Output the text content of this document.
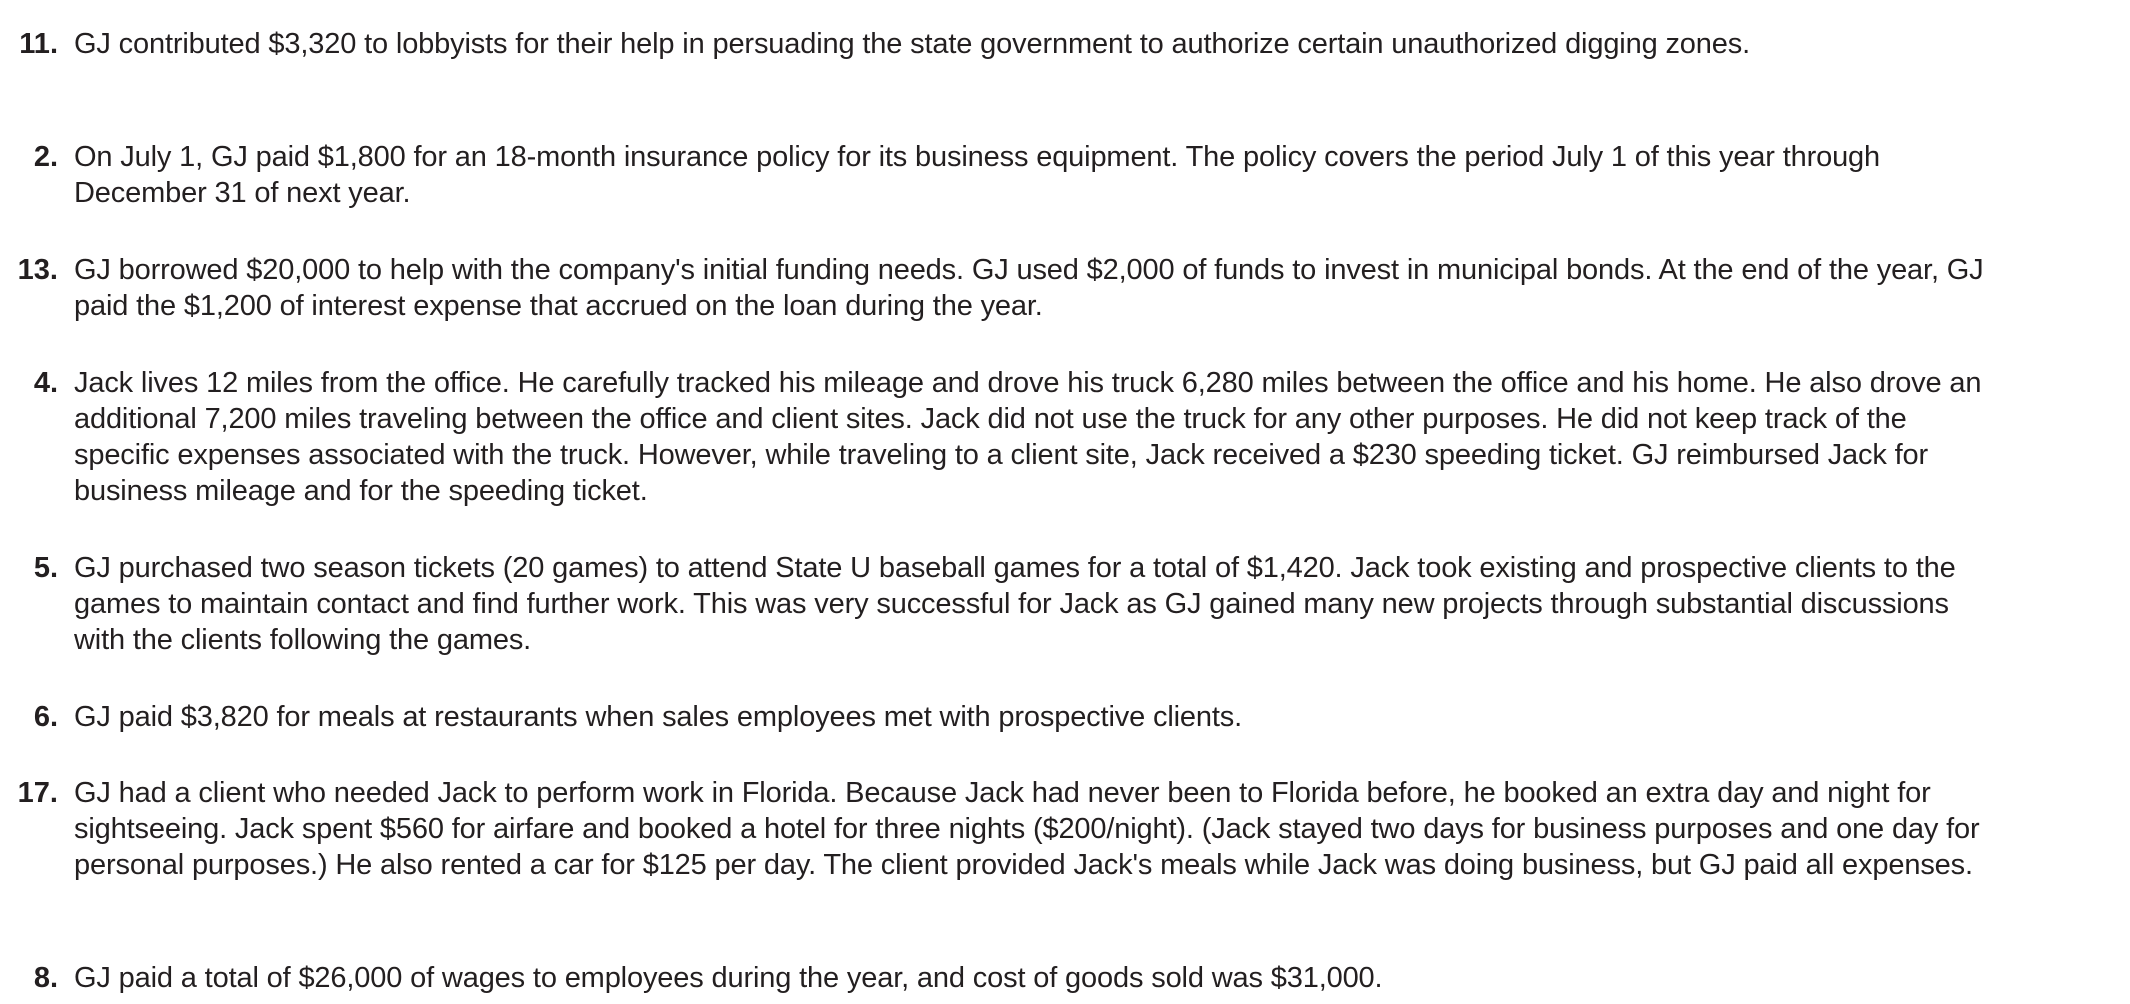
11. GJ contributed $3,320 to lobbyists for their help in persuading the state government to authorize certain unauthorized digging zones.
2. On July 1, GJ paid $1,800 for an 18-month insurance policy for its business equipment. The policy covers the period July 1 of this year through December 31 of next year.
13. GJ borrowed $20,000 to help with the company's initial funding needs. GJ used $2,000 of funds to invest in municipal bonds. At the end of the year, GJ paid the $1,200 of interest expense that accrued on the loan during the year.
4. Jack lives 12 miles from the office. He carefully tracked his mileage and drove his truck 6,280 miles between the office and his home. He also drove an additional 7,200 miles traveling between the office and client sites. Jack did not use the truck for any other purposes. He did not keep track of the specific expenses associated with the truck. However, while traveling to a client site, Jack received a $230 speeding ticket. GJ reimbursed Jack for business mileage and for the speeding ticket.
5. GJ purchased two season tickets (20 games) to attend State U baseball games for a total of $1,420. Jack took existing and prospective clients to the games to maintain contact and find further work. This was very successful for Jack as GJ gained many new projects through substantial discussions with the clients following the games.
6. GJ paid $3,820 for meals at restaurants when sales employees met with prospective clients.
17. GJ had a client who needed Jack to perform work in Florida. Because Jack had never been to Florida before, he booked an extra day and night for sightseeing. Jack spent $560 for airfare and booked a hotel for three nights ($200/night). (Jack stayed two days for business purposes and one day for personal purposes.) He also rented a car for $125 per day. The client provided Jack's meals while Jack was doing business, but GJ paid all expenses.
8. GJ paid a total of $26,000 of wages to employees during the year, and cost of goods sold was $31,000.
